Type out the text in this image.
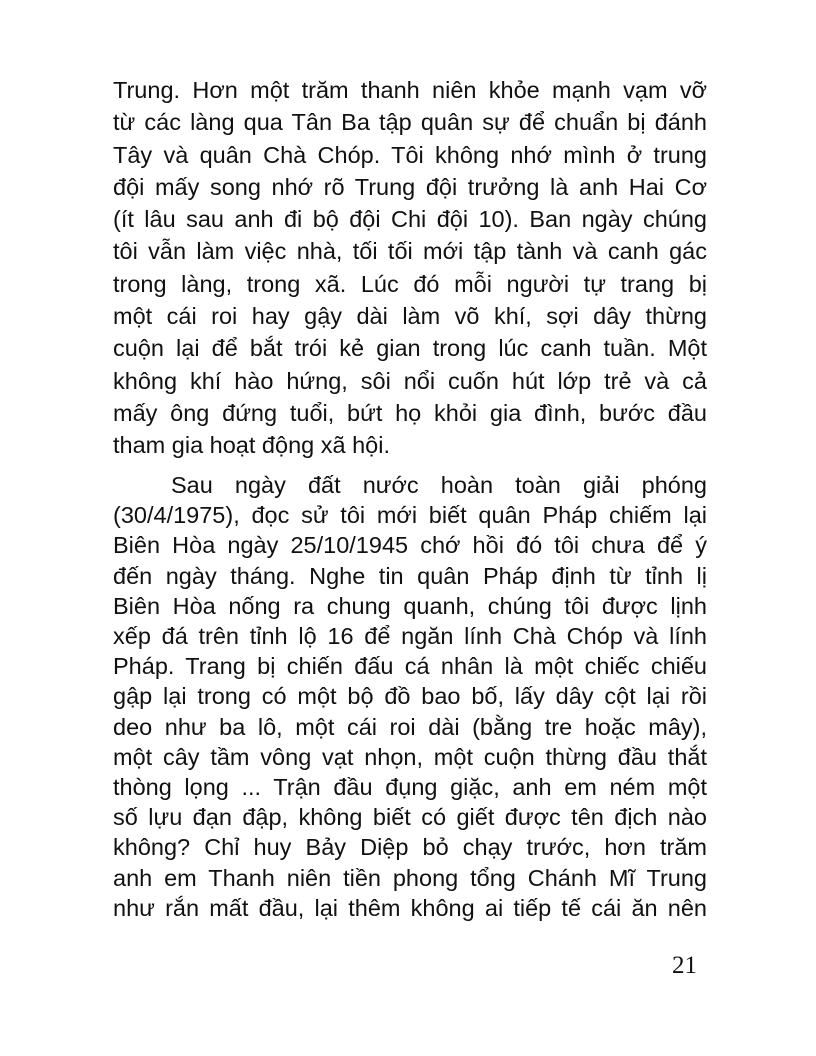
Trung. Hơn một trăm thanh niên khỏe mạnh vạm vỡ
từ các làng qua Tân Ba tập quân sự để chuẩn bị đánh
Tây và quân Chà Chóp. Tôi không nhớ mình ở trung
đội mấy song nhớ rõ Trung đội trưởng là anh Hai Cơ
(ít lâu sau anh đi bộ đội Chi đội 10). Ban ngày chúng
tôi vẫn làm việc nhà, tối tối mới tập tành và canh gác
trong làng, trong xã. Lúc đó mỗi người tự trang bị
một cái roi hay gậy dài làm võ khí, sợi dây thừng
cuộn lại để bắt trói kẻ gian trong lúc canh tuần. Một
không khí hào hứng, sôi nổi cuốn hút lớp trẻ và cả
mấy ông đứng tuổi, bứt họ khỏi gia đình, bước đầu
tham gia hoạt động xã hội.
Sau ngày đất nước hoàn toàn giải phóng
(30/4/1975), đọc sử tôi mới biết quân Pháp chiếm lại
Biên Hòa ngày 25/10/1945 chớ hồi đó tôi chưa để ý
đến ngày tháng. Nghe tin quân Pháp định từ tỉnh lị
Biên Hòa nống ra chung quanh, chúng tôi được lịnh
xếp đá trên tỉnh lộ 16 để ngăn lính Chà Chóp và lính
Pháp. Trang bị chiến đấu cá nhân là một chiếc chiếu
gập lại trong có một bộ đồ bao bố, lấy dây cột lại rồi
deo như ba lô, một cái roi dài (bằng tre hoặc mây),
một cây tầm vông vạt nhọn, một cuộn thừng đầu thắt
thòng lọng ... Trận đầu đụng giặc, anh em ném một
số lựu đạn đập, không biết có giết được tên địch nào
không? Chỉ huy Bảy Diệp bỏ chạy trước, hơn trăm
anh em Thanh niên tiền phong tổng Chánh Mĩ Trung
như rắn mất đầu, lại thêm không ai tiếp tế cái ăn nên
21
